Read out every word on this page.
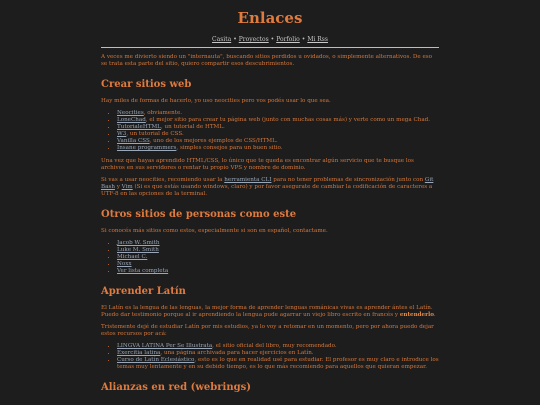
Enlaces
Casita • Proyectos • Porfolio • Mi Rss

A veces me divierto siendo un "internauta", buscando sitios perdidos u ovidados, o simplemente alternativos. De eso se trata esta parte del sitio, quiero compartir esos descubrimientos.

Crear sitios web

Hay miles de formas de hacerlo, yo uso neocities pero vos podés usar lo que sea.

• Neocities, obviamente.
• LoneChad, el mejor sitio para crear tu página web (junto con muchas cosas más) y verte como un mega Chad.
• TutorialeHTML, un tutorial de HTML.
• W3, un tutorial de CSS.
• Vanilla CSS, uno de los mejores ejemplos de CSS/HTML.
• Insane programmers, simples consejos para un buen sitio.

Una vez que hayas aprendido HTML/CSS, lo único que te queda es encontrar algún servicio que te busque los archivos en sus servidores o rentar tu propio VPS y nombre de dominio.

Si vas a usar neocities, recomiendo usar la herramienta CLI para no tener problemas de sincronización junto con Git Bash y Vim (Si es que estás usando windows, claro) y por favor asegurate de cambiar la codificación de caracteres a UTF-8 en las opciones de la terminal.

Otros sitios de personas como este

Si conocés más sitios como estos, especialmente si son en español, contactame.

• Jacob W. Smith
• Luke M. Smith
• Michael C.
• Noxx
• Ver lista completa
Aprender Latín

El Latín es la lengua de las lenguas, la mejor forma de aprender lenguas románicas vivas es aprender ántes el Latín. Puedo dar testimonio porque al ir aprendiendo la lengua pude agarrar un viejo libro escrito en francés y entenderlo.

Tristemente dejé de estudiar Latín por mis estudios, ya lo voy a retomar en un momento, pero por ahora puedo dejar estos recursos por acá:

• LINGVA LATINA Per Se Illustrata, el sitio oficial del libro, muy recomendado.
• Exercitia latina, una página archivada para hacer ejercicios en Latín.
• Curso de Latín Eclesiástico, esto es lo que en realidad usé para estudiar. El profesor es muy claro e introduce los temas muy lentamente y en su debido tiempo, es lo que más recomiendo para aquellos que quieran empezar.
Alianzas en red (webrings)
